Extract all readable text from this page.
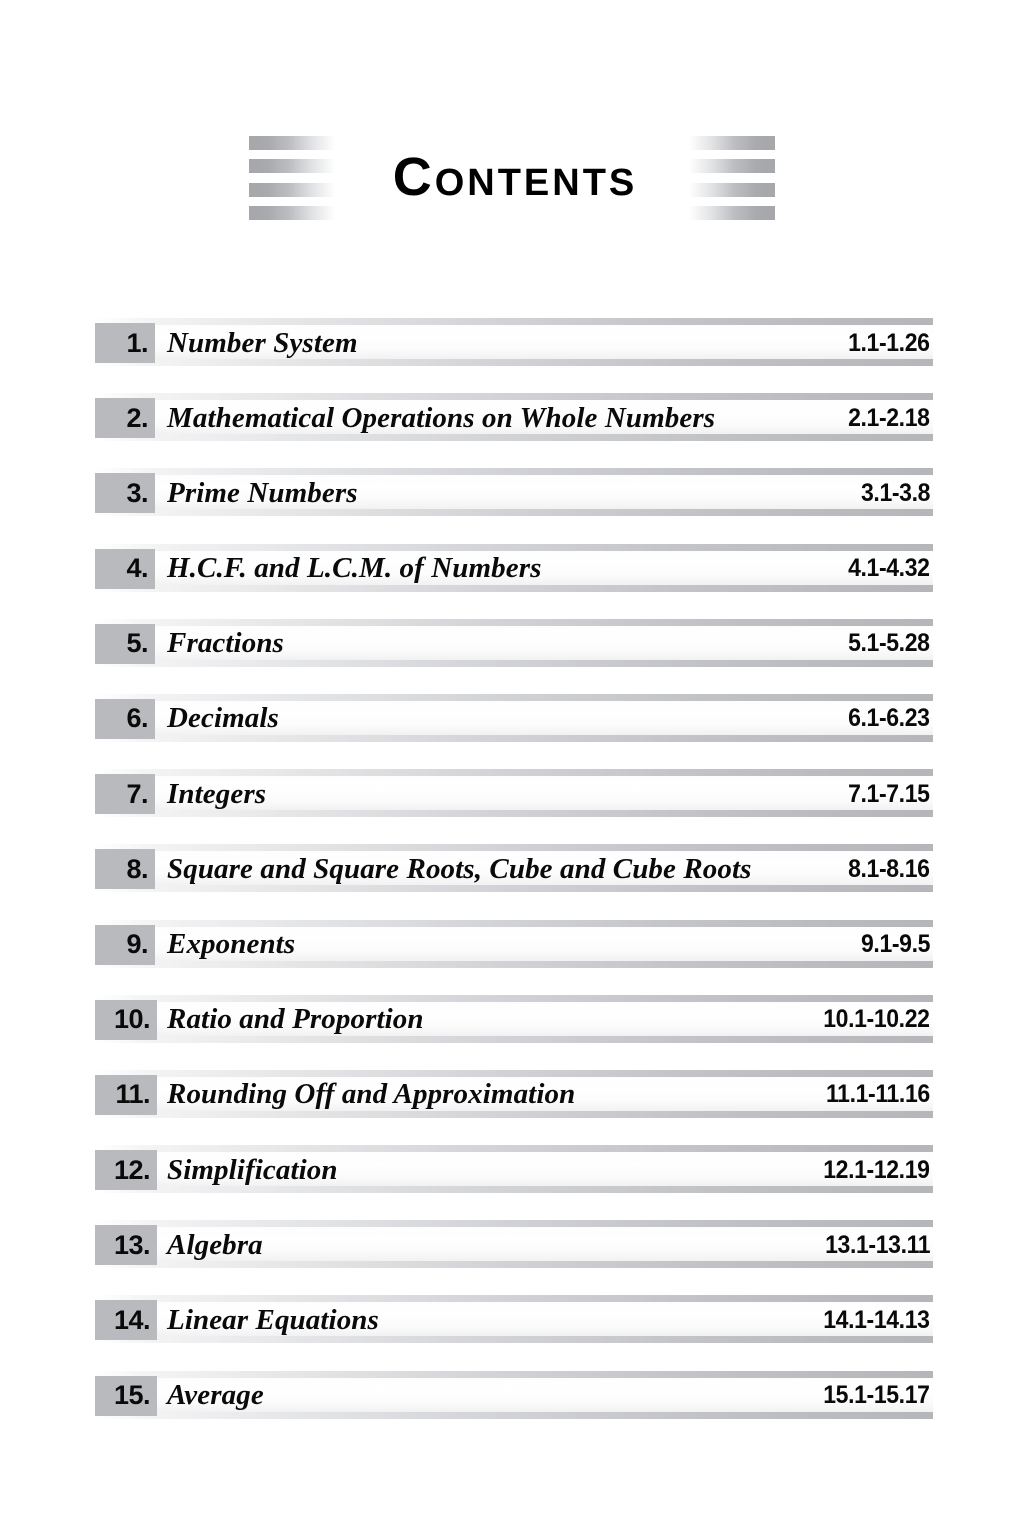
Contents
1. Number System	1.1-1.26
2. Mathematical Operations on Whole Numbers	2.1-2.18
3. Prime Numbers	3.1-3.8
4. H.C.F. and L.C.M. of Numbers	4.1-4.32
5. Fractions	5.1-5.28
6. Decimals	6.1-6.23
7. Integers	7.1-7.15
8. Square and Square Roots, Cube and Cube Roots	8.1-8.16
9. Exponents	9.1-9.5
10. Ratio and Proportion	10.1-10.22
11. Rounding Off and Approximation	11.1-11.16
12. Simplification	12.1-12.19
13. Algebra	13.1-13.11
14. Linear Equations	14.1-14.13
15. Average	15.1-15.17
